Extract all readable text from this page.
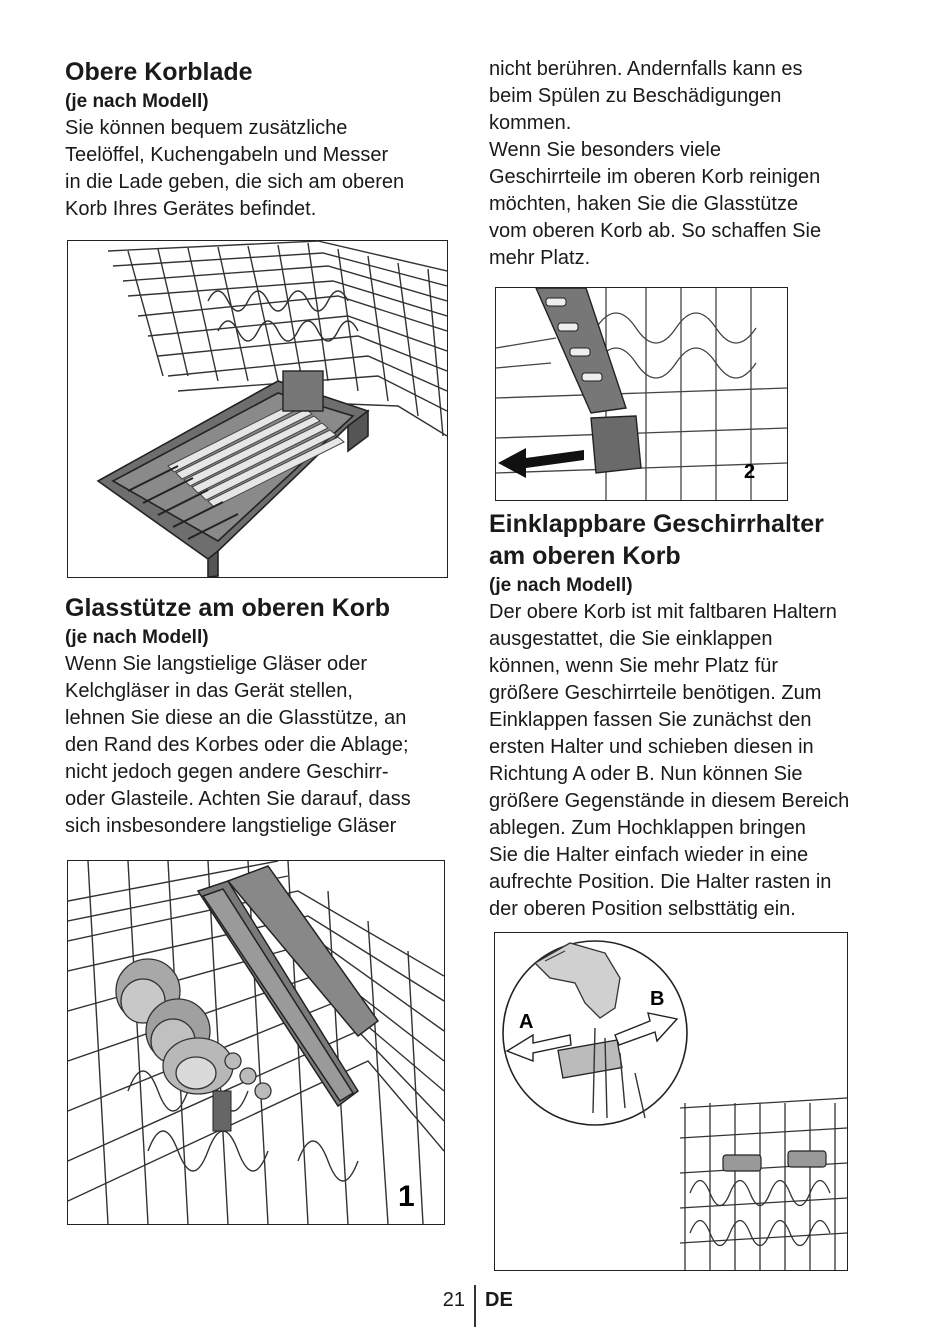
Obere Korblade
(je nach Modell)

Sie können bequem zusätzliche
Teelöffel, Kuchengabeln und Messer
in die Lade geben, die sich am oberen
Korb Ihres Gerätes befindet.

Glasstütze am oberen Korb
(je nach Modell)

Wenn Sie langstielige Gläser oder
Kelchgläser in das Gerät stellen,
lehnen Sie diese an die Glasstütze, an
den Rand des Korbes oder die Ablage;
nicht jedoch gegen andere Geschirr-
oder Glasteile. Achten Sie darauf, dass
sich insbesondere langstielige Gläser

1

nicht berühren. Andernfalls kann es
beim Spülen zu Beschädigungen
kommen.
Wenn Sie besonders viele
Geschirrteile im oberen Korb reinigen
möchten, haken Sie die Glasstütze
vom oberen Korb ab. So schaffen Sie
mehr Platz.

2
Einklappbare Geschirrhalter
am oberen Korb
(je nach Modell)

Der obere Korb ist mit faltbaren Haltern
ausgestattet, die Sie einklappen
können, wenn Sie mehr Platz für
größere Geschirrteile benötigen. Zum
Einklappen fassen Sie zunächst den
ersten Halter und schieben diesen in
Richtung A oder B. Nun können Sie
größere Gegenstände in diesem Bereich
ablegen. Zum Hochklappen bringen
Sie die Halter einfach wieder in eine
aufrechte Position. Die Halter rasten in
der oberen Position selbsttätig ein.

A
B
21 DE
